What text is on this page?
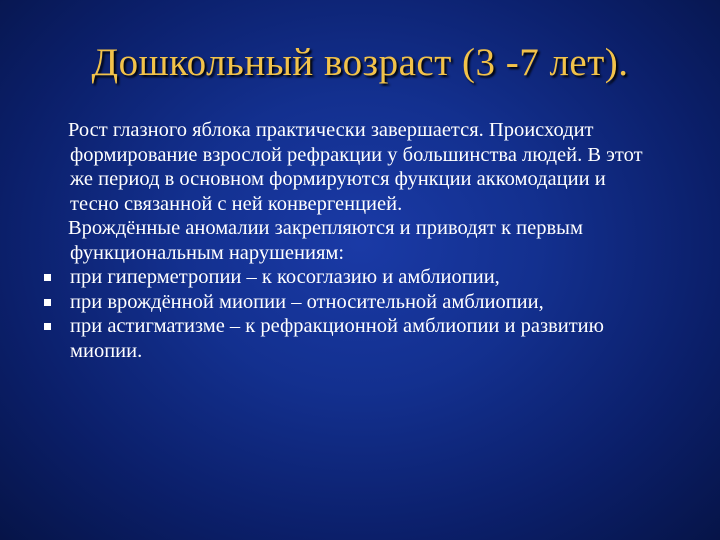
Дошкольный возраст (3 -7 лет).
Рост глазного яблока практически завершается. Происходит формирование взрослой рефракции у большинства людей. В этот же период в основном формируются функции аккомодации и тесно связанной с ней конвергенцией.
Врождённые аномалии закрепляются и приводят к первым функциональным нарушениям:
при гиперметропии – к косоглазию и амблиопии,
при врождённой миопии – относительной амблиопии,
при астигматизме – к рефракционной амблиопии и развитию миопии.
